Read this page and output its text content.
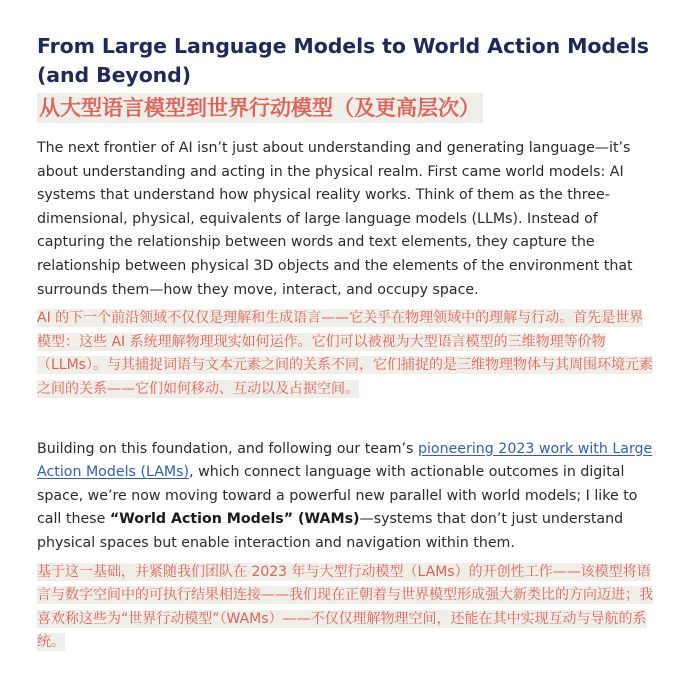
From Large Language Models to World Action Models (and Beyond)
从大型语言模型到世界行动模型（及更高层次）

The next frontier of AI isn’t just about understanding and generating language—it’s about understanding and acting in the physical realm. First came world models: AI systems that understand how physical reality works. Think of them as the three-dimensional, physical, equivalents of large language models (LLMs). Instead of capturing the relationship between words and text elements, they capture the relationship between physical 3D objects and the elements of the environment that surrounds them—how they move, interact, and occupy space.

AI 的下一个前沿领域不仅仅是理解和生成语言——它关乎在物理领域中的理解与行动。首先是世界模型：这些 AI 系统理解物理现实如何运作。它们可以被视为大型语言模型的三维物理等价物（LLMs）。与其捕捉词语与文本元素之间的关系不同，它们捕捉的是三维物理物体与其周围环境元素之间的关系——它们如何移动、互动以及占据空间。

Building on this foundation, and following our team’s pioneering 2023 work with Large Action Models (LAMs), which connect language with actionable outcomes in digital space, we’re now moving toward a powerful new parallel with world models; I like to call these “World Action Models” (WAMs)—systems that don’t just understand physical spaces but enable interaction and navigation within them.

基于这一基础，并紧随我们团队在 2023 年与大型行动模型（LAMs）的开创性工作——该模型将语言与数字空间中的可执行结果相连接——我们现在正朝着与世界模型形成强大新类比的方向迈进；我喜欢称这些为“世界行动模型”（WAMs）——不仅仅理解物理空间，还能在其中实现互动与导航的系统。
